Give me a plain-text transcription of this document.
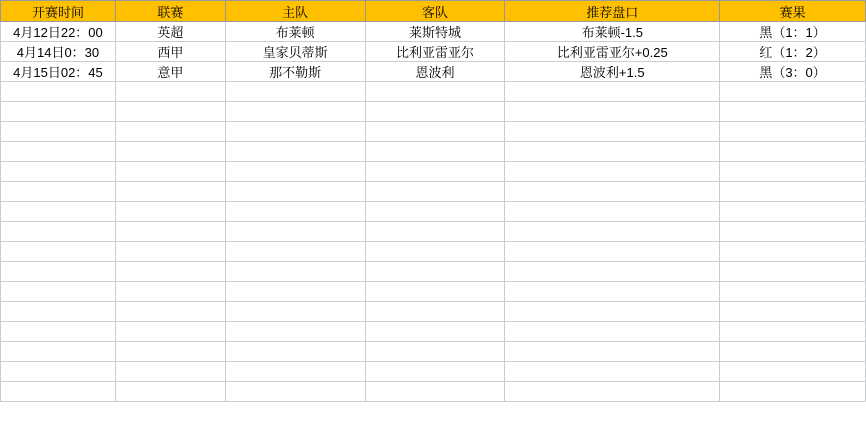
开赛时间	联赛	主队	客队	推荐盘口	赛果
4月12日22：00	英超	布莱顿	莱斯特城	布莱顿-1.5	黑（1：1）
4月14日0：30	西甲	皇家贝蒂斯	比利亚雷亚尔	比利亚雷亚尔+0.25	红（1：2）
4月15日02：45	意甲	那不勒斯	恩波利	恩波利+1.5	黑（3：0）
